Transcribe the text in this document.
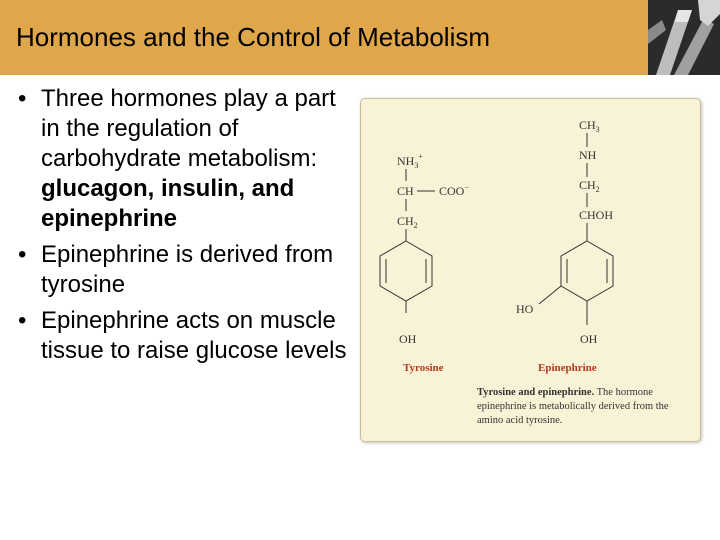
Hormones and the Control of Metabolism
• Three hormones play a part in the regulation of carbohydrate metabolism: glucagon, insulin, and epinephrine
• Epinephrine is derived from tyrosine
• Epinephrine acts on muscle tissue to raise glucose levels
$NH_3^+$
CH COO−
$CH_2$
OH
Tyrosine
$CH_3$
NH
$CH_2$
CHOH
HO
OH
Epinephrine

Tyrosine and epinephrine. The hormone epinephrine is metabolically derived from the amino acid tyrosine.
